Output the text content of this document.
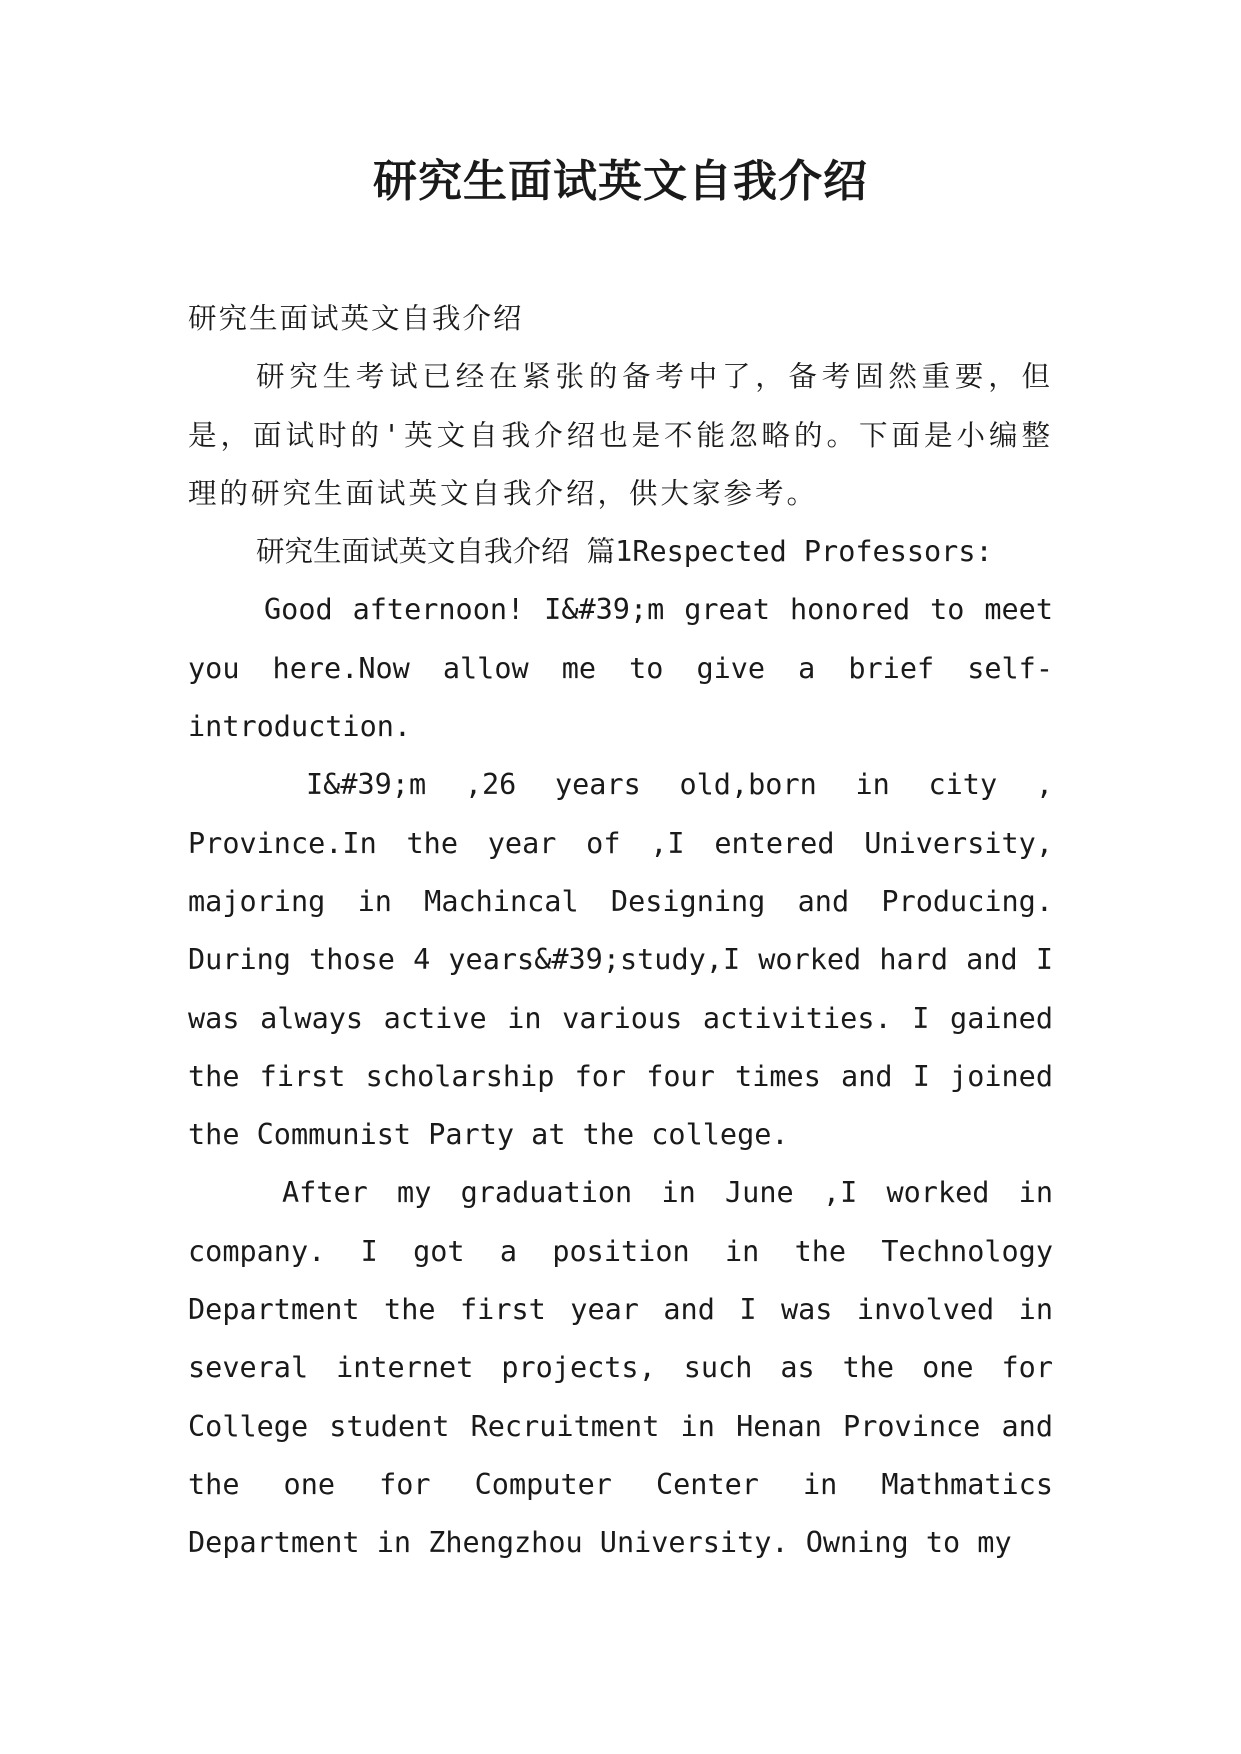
研究生面试英文自我介绍

研究生面试英文自我介绍

研究生考试已经在紧张的备考中了，备考固然重要，但是，面试时的'英文自我介绍也是不能忽略的。下面是小编整理的研究生面试英文自我介绍，供大家参考。

研究生面试英文自我介绍 篇1Respected Professors:

Good afternoon! I&#39;m great honored to meet you here.Now allow me to give a brief self-introduction.

I&#39;m ,26 years old,born in city , Province.In the year of ,I entered University, majoring in Machincal Designing and Producing. During those 4 years&#39;study,I worked hard and I was always active in various activities. I gained the first scholarship for four times and I joined the Communist Party at the college.

After my graduation in June ,I worked in company. I got a position in the Technology Department the first year and I was involved in several internet projects, such as the one for College student Recruitment in Henan Province and the one for Computer Center in Mathmatics Department in Zhengzhou University. Owning to my
